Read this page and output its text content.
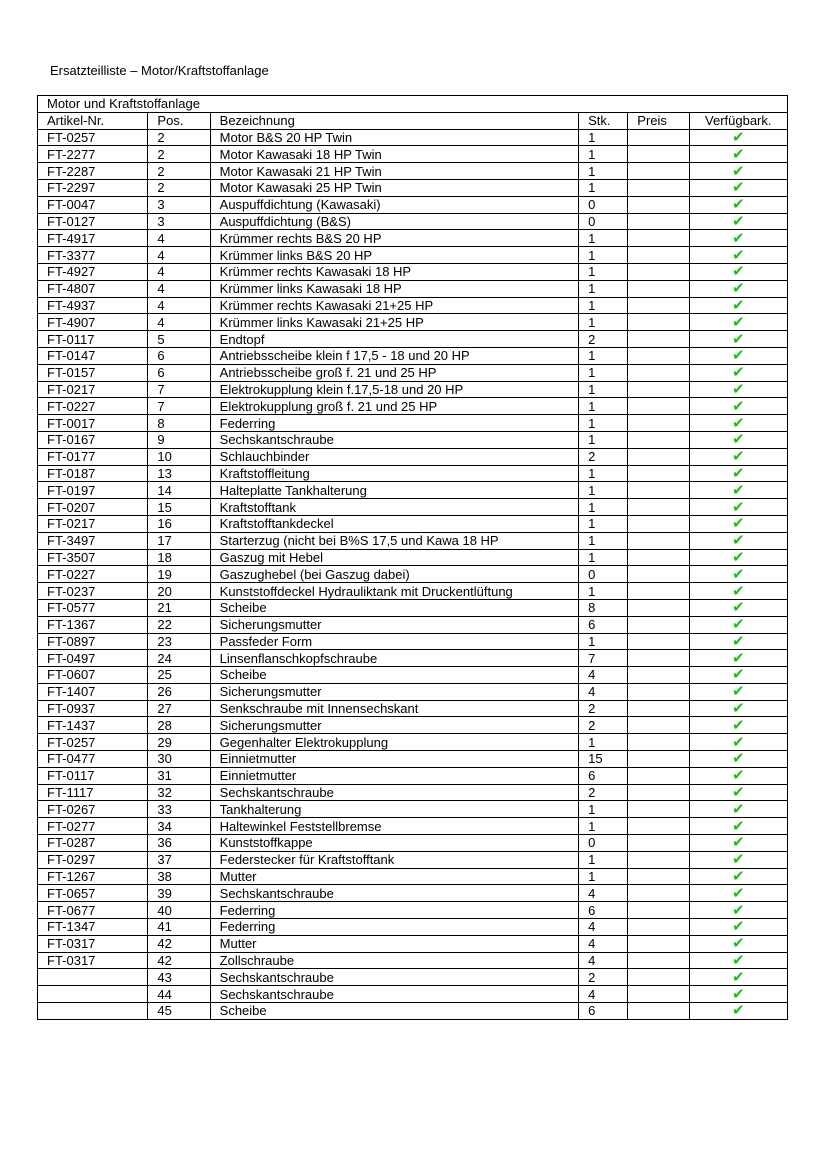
Ersatzteilliste – Motor/Kraftstoffanlage
Motor und Kraftstoffanlage					
Artikel-Nr.	Pos.	Bezeichnung	Stk.	Preis	Verfügbark.
FT-0257	2	Motor B&S 20 HP Twin	1		✔
FT-2277	2	Motor Kawasaki 18 HP Twin	1		✔
FT-2287	2	Motor Kawasaki 21 HP Twin	1		✔
FT-2297	2	Motor Kawasaki 25 HP Twin	1		✔
FT-0047	3	Auspuffdichtung (Kawasaki)	0		✔
FT-0127	3	Auspuffdichtung (B&S)	0		✔
FT-4917	4	Krümmer rechts B&S 20 HP	1		✔
FT-3377	4	Krümmer links B&S 20 HP	1		✔
FT-4927	4	Krümmer rechts Kawasaki 18 HP	1		✔
FT-4807	4	Krümmer links Kawasaki 18 HP	1		✔
FT-4937	4	Krümmer rechts Kawasaki 21+25 HP	1		✔
FT-4907	4	Krümmer links Kawasaki 21+25 HP	1		✔
FT-0117	5	Endtopf	2		✔
FT-0147	6	Antriebsscheibe klein f 17,5 - 18 und 20 HP	1		✔
FT-0157	6	Antriebsscheibe groß f. 21 und 25 HP	1		✔
FT-0217	7	Elektrokupplung klein f.17,5-18 und 20 HP	1		✔
FT-0227	7	Elektrokupplung groß f. 21 und 25 HP	1		✔
FT-0017	8	Federring	1		✔
FT-0167	9	Sechskantschraube	1		✔
FT-0177	10	Schlauchbinder	2		✔
FT-0187	13	Kraftstoffleitung	1		✔
FT-0197	14	Halteplatte Tankhalterung	1		✔
FT-0207	15	Kraftstofftank	1		✔
FT-0217	16	Kraftstofftankdeckel	1		✔
FT-3497	17	Starterzug (nicht bei B%S 17,5 und Kawa 18 HP	1		✔
FT-3507	18	Gaszug mit Hebel	1		✔
FT-0227	19	Gaszughebel (bei Gaszug dabei)	0		✔
FT-0237	20	Kunststoffdeckel Hydrauliktank mit Druckentlüftung	1		✔
FT-0577	21	Scheibe	8		✔
FT-1367	22	Sicherungsmutter	6		✔
FT-0897	23	Passfeder Form	1		✔
FT-0497	24	Linsenflanschkopfschraube	7		✔
FT-0607	25	Scheibe	4		✔
FT-1407	26	Sicherungsmutter	4		✔
FT-0937	27	Senkschraube mit Innensechskant	2		✔
FT-1437	28	Sicherungsmutter	2		✔
FT-0257	29	Gegenhalter Elektrokupplung	1		✔
FT-0477	30	Einnietmutter	15		✔
FT-0117	31	Einnietmutter	6		✔
FT-1117	32	Sechskantschraube	2		✔
FT-0267	33	Tankhalterung	1		✔
FT-0277	34	Haltewinkel Feststellbremse	1		✔
FT-0287	36	Kunststoffkappe	0		✔
FT-0297	37	Federstecker für Kraftstofftank	1		✔
FT-1267	38	Mutter	1		✔
FT-0657	39	Sechskantschraube	4		✔
FT-0677	40	Federring	6		✔
FT-1347	41	Federring	4		✔
FT-0317	42	Mutter	4		✔
FT-0317	42	Zollschraube	4		✔
	43	Sechskantschraube	2		✔
	44	Sechskantschraube	4		✔
	45	Scheibe	6		✔
